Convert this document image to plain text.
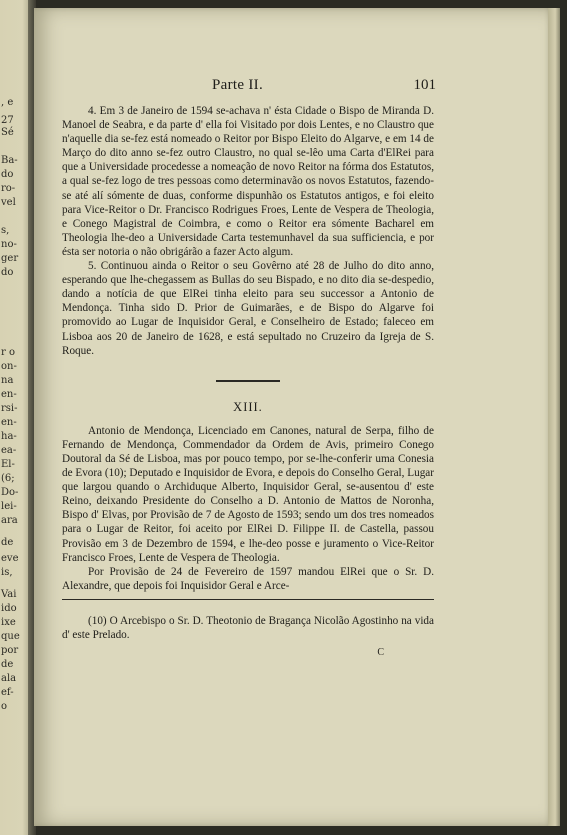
, e
27
Sé
Ba-
do
ro-
vel
s,
no-
ger
do
r o
on-
na
en-
rsi-
en-
ha-
ea-
El-
(6;
Do-
lei-
ara
de
eve
is,
Vai
ido
ixe
que
por
de
ala
ef-
o
Parte II.	101

4. Em 3 de Janeiro de 1594 se-achava n' ésta Cidade o Bispo de Miranda D. Manoel de Seabra, e da parte d' ella foi Visitado por dois Lentes, e no Claustro que n'aquelle dia se-fez está nomeado o Reitor por Bispo Eleito do Algarve, e em 14 de Março do dito anno se-fez outro Claustro, no qual se-lêo uma Carta d'ElRei para que a Universidade procedesse a nomeação de novo Reitor na fórma dos Estatutos, a qual se-fez logo de tres pessoas como determinavão os novos Estatutos, fazendo-se até alí sómente de duas, conforme dispunhão os Estatutos antigos, e foi eleito para Vice-Reitor o Dr. Francisco Rodrigues Froes, Lente de Vespera de Theologia, e Conego Magistral de Coimbra, e como o Reitor era sómente Bacharel em Theologia lhe-deo a Universidade Carta testemunhavel da sua sufficiencia, e por ésta ser notoria o não obrigárão a fazer Acto algum.

5. Continuou ainda o Reitor o seu Govêrno até 28 de Julho do dito anno, esperando que lhe-chegassem as Bullas do seu Bispado, e no dito dia se-despedio, dando a notícia de que ElRei tinha eleito para seu successor a Antonio de Mendonça. Tinha sido D. Prior de Guimarães, e de Bispo do Algarve foi promovido ao Lugar de Inquisidor Geral, e Conselheiro de Estado; faleceo em Lisboa aos 20 de Janeiro de 1628, e está sepultado no Cruzeiro da Igreja de S. Roque.

XIII.

Antonio de Mendonça, Licenciado em Canones, natural de Serpa, filho de Fernando de Mendonça, Commendador da Ordem de Avis, primeiro Conego Doutoral da Sé de Lisboa, mas por pouco tempo, por se-lhe-conferir uma Conesia de Evora (10); Deputado e Inquisidor de Evora, e depois do Conselho Geral, Lugar que largou quando o Archiduque Alberto, Inquisidor Geral, se-ausentou d' este Reino, deixando Presidente do Conselho a D. Antonio de Mattos de Noronha, Bispo d' Elvas, por Provisão de 7 de Agosto de 1593; sendo um dos tres nomeados para o Lugar de Reitor, foi aceito por ElRei D. Filippe II. de Castella, passou Provisão em 3 de Dezembro de 1594, e lhe-deo posse e juramento o Vice-Reitor Francisco Froes, Lente de Vespera de Theologia.

Por Provisão de 24 de Fevereiro de 1597 mandou ElRei que o Sr. D. Alexandre, que depois foi Inquisidor Geral e Arce-

(10) O Arcebispo o Sr. D. Theotonio de Bragança Nicolão Agostinho na vida d' este Prelado.

C
